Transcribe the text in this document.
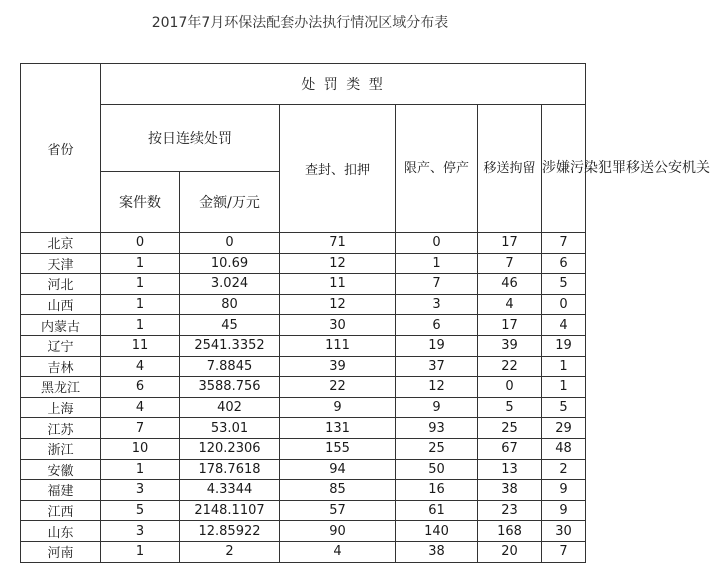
2017年7月环保法配套办法执行情况区域分布表
省份	处 罚 类 型					
	按日连续处罚		查封、扣押	限产、停产	移送拘留	涉嫌污染犯罪移送公安机关
	案件数	金额/万元				
北京	0	0	71	0	17	7
天津	1	10.69	12	1	7	6
河北	1	3.024	11	7	46	5
山西	1	80	12	3	4	0
内蒙古	1	45	30	6	17	4
辽宁	11	2541.3352	111	19	39	19
吉林	4	7.8845	39	37	22	1
黑龙江	6	3588.756	22	12	0	1
上海	4	402	9	9	5	5
江苏	7	53.01	131	93	25	29
浙江	10	120.2306	155	25	67	48
安徽	1	178.7618	94	50	13	2
福建	3	4.3344	85	16	38	9
江西	5	2148.1107	57	61	23	9
山东	3	12.85922	90	140	168	30
河南	1	2	4	38	20	7
